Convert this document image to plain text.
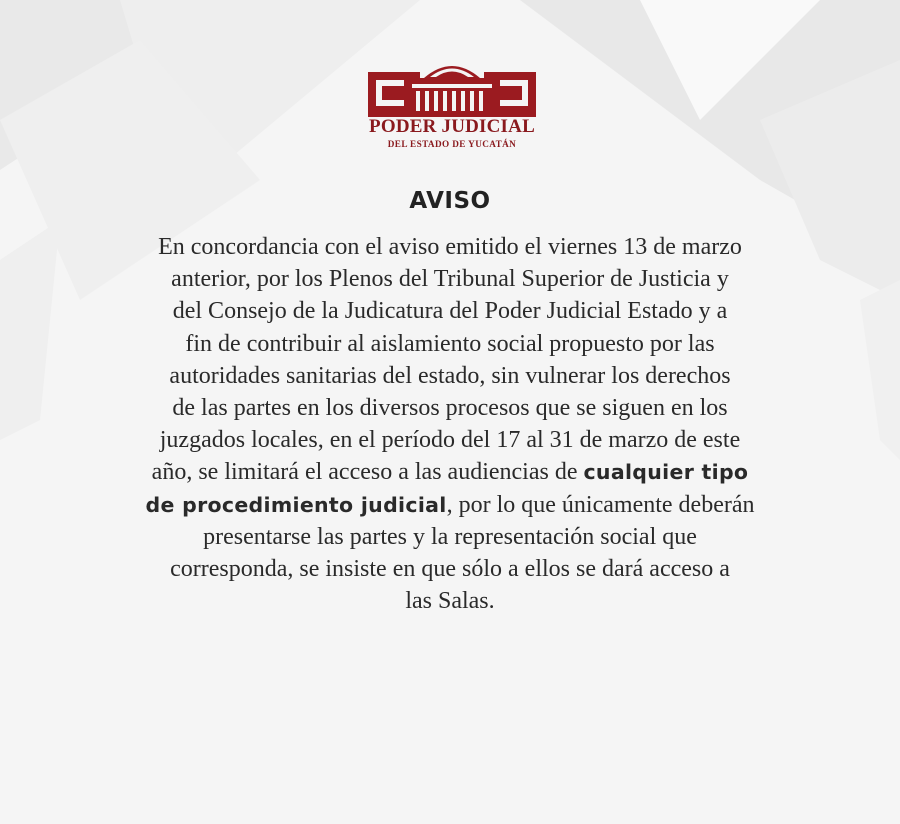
PODER JUDICIAL
DEL ESTADO DE YUCATÁN
AVISO
En concordancia con el aviso emitido el viernes 13 de marzo
anterior, por los Plenos del Tribunal Superior de Justicia y
del Consejo de la Judicatura del Poder Judicial Estado y a
fin de contribuir al aislamiento social propuesto por las
autoridades sanitarias del estado, sin vulnerar los derechos
de las partes en los diversos procesos que se siguen en los
juzgados locales, en el período del 17 al 31 de marzo de este
año, se limitará el acceso a las audiencias de cualquier tipo
de procedimiento judicial, por lo que únicamente deberán
presentarse las partes y la representación social que
corresponda, se insiste en que sólo a ellos se dará acceso a
las Salas.
